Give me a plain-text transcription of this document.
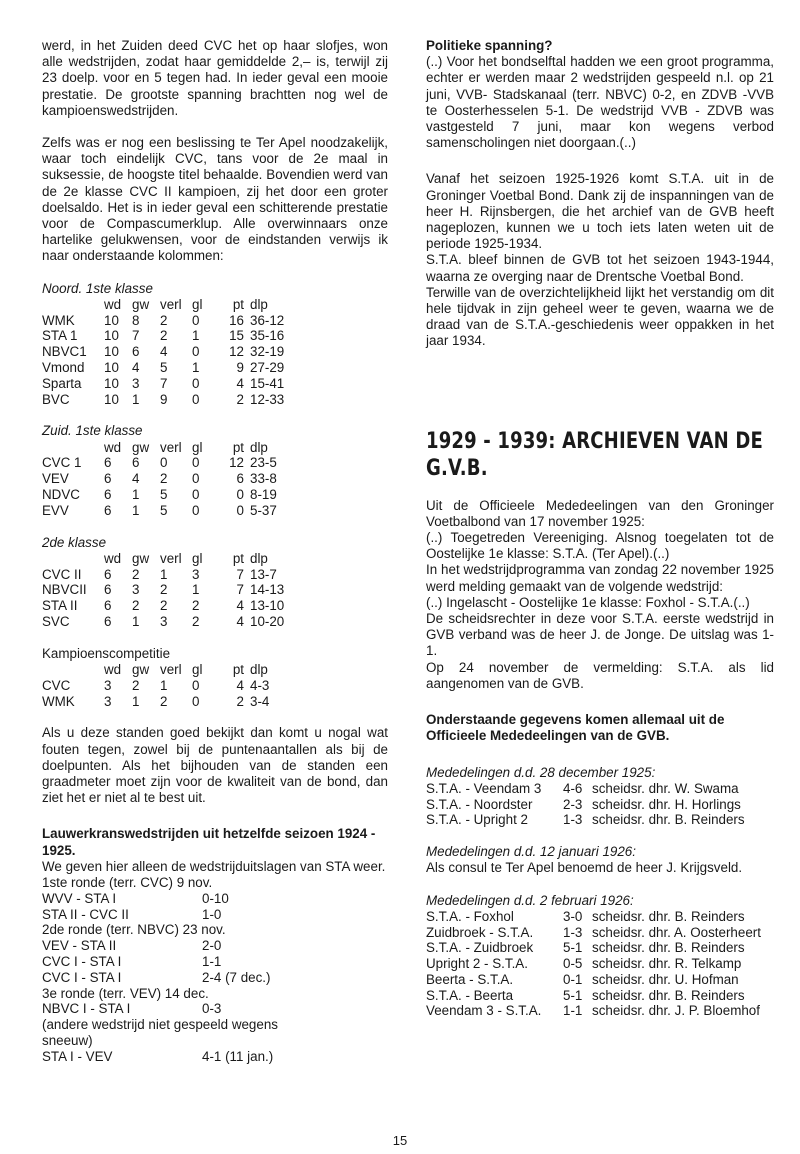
werd, in het Zuiden deed CVC het op haar slofjes, won alle wedstrijden, zodat haar gemiddelde 2,– is, terwijl zij 23 doelp. voor en 5 tegen had. In ieder geval een mooie prestatie. De grootste spanning brachtten nog wel de kampioenswedstrijden.

Zelfs was er nog een beslissing te Ter Apel noodzakelijk, waar toch eindelijk CVC, tans voor de 2e maal in suksessie, de hoogste titel behaalde. Bovendien werd van de 2e klasse CVC II kampioen, zij het door een groter doelsaldo. Het is in ieder geval een schitterende prestatie voor de Compascumerklup. Alle overwinnaars onze hartelike gelukwensen, voor de eindstanden verwijs ik naar onderstaande kolommen:

Noord. 1ste klasse

	wd	gw	verl	gl	pt	dlp
WMK	10	8	2	0	16	36-12
STA 1	10	7	2	1	15	35-16
NBVC1	10	6	4	0	12	32-19
Vmond	10	4	5	1	9	27-29
Sparta	10	3	7	0	4	15-41
BVC	10	1	9	0	2	12-33

Zuid. 1ste klasse

	wd	gw	verl	gl	pt	dlp
CVC 1	6	6	0	0	12	23-5
VEV	6	4	2	0	6	33-8
NDVC	6	1	5	0	0	8-19
EVV	6	1	5	0	0	5-37

2de klasse

	wd	gw	verl	gl	pt	dlp
CVC II	6	2	1	3	7	13-7
NBVCII	6	3	2	1	7	14-13
STA II	6	2	2	2	4	13-10
SVC	6	1	3	2	4	10-20

Kampioenscompetitie

	wd	gw	verl	gl	pt	dlp
CVC	3	2	1	0	4	4-3
WMK	3	1	2	0	2	3-4

Als u deze standen goed bekijkt dan komt u nogal wat fouten tegen, zowel bij de puntenaantallen als bij de doelpunten. Als het bijhouden van de standen een graadmeter moet zijn voor de kwaliteit van de bond, dan ziet het er niet al te best uit.

Lauwerkranswedstrijden uit hetzelfde seizoen 1924 - 1925.

We geven hier alleen de wedstrijduitslagen van STA weer.

1ste ronde (terr. CVC) 9 nov.	
WVV - STA I	0-10
STA II - CVC II	1-0
2de ronde (terr. NBVC) 23 nov.	
VEV - STA II	2-0
CVC I - STA I	1-1
CVC I - STA I	2-4 (7 dec.)
3e ronde (terr. VEV) 14 dec.	
NBVC I - STA I	0-3
(andere wedstrijd niet gespeeld wegens sneeuw)	
STA I - VEV	4-1 (11 jan.)

Politieke spanning?

(..) Voor het bondselftal hadden we een groot programma, echter er werden maar 2 wedstrijden gespeeld n.l. op 21 juni, VVB- Stadskanaal (terr. NBVC) 0-2, en ZDVB -VVB te Oosterhesselen 5-1. De wedstrijd VVB - ZDVB was vastgesteld 7 juni, maar kon wegens verbod samenscholingen niet doorgaan.(..)

Vanaf het seizoen 1925-1926 komt S.T.A. uit in de Groninger Voetbal Bond. Dank zij de inspanningen van de heer H. Rijnsbergen, die het archief van de GVB heeft nageplozen, kunnen we u toch iets laten weten uit de periode 1925-1934.

S.T.A. bleef binnen de GVB tot het seizoen 1943-1944, waarna ze overging naar de Drentsche Voetbal Bond.

Terwille van de overzichtelijkheid lijkt het verstandig om dit hele tijdvak in zijn geheel weer te geven, waarna we de draad van de S.T.A.-geschiedenis weer oppakken in het jaar 1934.

1929 - 1939: ARCHIEVEN VAN DE G.V.B.

Uit de Officieele Mededeelingen van den Groninger Voetbalbond van 17 november 1925:

(..) Toegetreden Vereeniging. Alsnog toegelaten tot de Oostelijke 1e klasse: S.T.A. (Ter Apel).(..)

In het wedstrijdprogramma van zondag 22 november 1925 werd melding gemaakt van de volgende wedstrijd:

(..) Ingelascht - Oostelijke 1e klasse: Foxhol - S.T.A.(..)

De scheidsrechter in deze voor S.T.A. eerste wedstrijd in GVB verband was de heer J. de Jonge. De uitslag was 1-1.

Op 24 november de vermelding: S.T.A. als lid aangenomen van de GVB.

Onderstaande gegevens komen allemaal uit de Officieele Mededeelingen van de GVB.

Mededelingen d.d. 28 december 1925:

S.T.A. - Veendam 3	4-6	scheidsr. dhr. W. Swama
S.T.A. - Noordster	2-3	scheidsr. dhr. H. Horlings
S.T.A. - Upright 2	1-3	scheidsr. dhr. B. Reinders

Mededelingen d.d. 12 januari 1926:

Als consul te Ter Apel benoemd de heer J. Krijgsveld.

Mededelingen d.d. 2 februari 1926:

S.T.A. - Foxhol	3-0	scheidsr. dhr. B. Reinders
Zuidbroek - S.T.A.	1-3	scheidsr. dhr. A. Oosterheert
S.T.A. - Zuidbroek	5-1	scheidsr. dhr. B. Reinders
Upright 2 - S.T.A.	0-5	scheidsr. dhr. R. Telkamp
Beerta - S.T.A.	0-1	scheidsr. dhr. U. Hofman
S.T.A. - Beerta	5-1	scheidsr. dhr. B. Reinders
Veendam 3 - S.T.A.	1-1	scheidsr. dhr. J. P. Bloemhof
15
